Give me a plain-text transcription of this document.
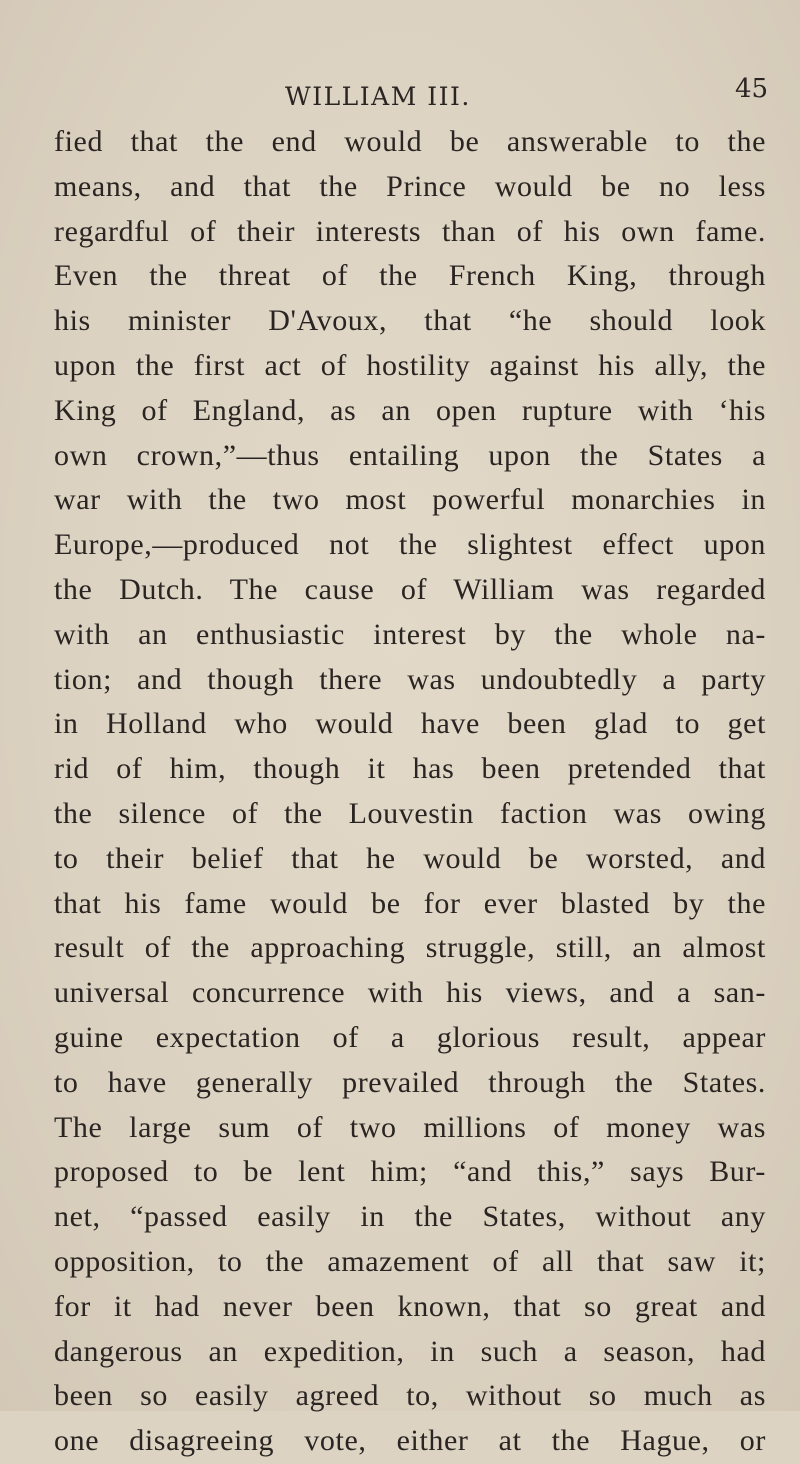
WILLIAM III.	45
fied that the end would be answerable to the
means, and that the Prince would be no less
regardful of their interests than of his own fame.
Even the threat of the French King, through
his minister D'Avoux, that “he should look
upon the first act of hostility against his ally, the
King of England, as an open rupture with ‘his
own crown,”—thus entailing upon the States a
war with the two most powerful monarchies in
Europe,—produced not the slightest effect upon
the Dutch. The cause of William was regarded
with an enthusiastic interest by the whole na-
tion; and though there was undoubtedly a party
in Holland who would have been glad to get
rid of him, though it has been pretended that
the silence of the Louvestin faction was owing
to their belief that he would be worsted, and
that his fame would be for ever blasted by the
result of the approaching struggle, still, an almost
universal concurrence with his views, and a san-
guine expectation of a glorious result, appear
to have generally prevailed through the States.
The large sum of two millions of money was
proposed to be lent him; “and this,” says Bur-
net, “passed easily in the States, without any
opposition, to the amazement of all that saw it;
for it had never been known, that so great and
dangerous an expedition, in such a season, had
been so easily agreed to, without so much as
one disagreeing vote, either at the Hague, or
